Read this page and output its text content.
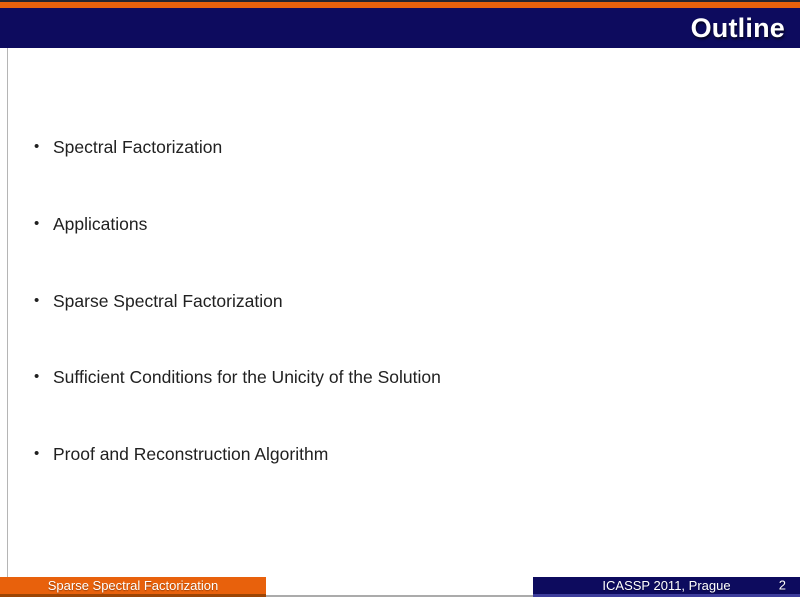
Outline
• Spectral Factorization
• Applications
• Sparse Spectral Factorization
• Sufficient Conditions for the Unicity of the Solution
• Proof and Reconstruction Algorithm
Sparse Spectral Factorization	ICASSP 2011, Prague	2
